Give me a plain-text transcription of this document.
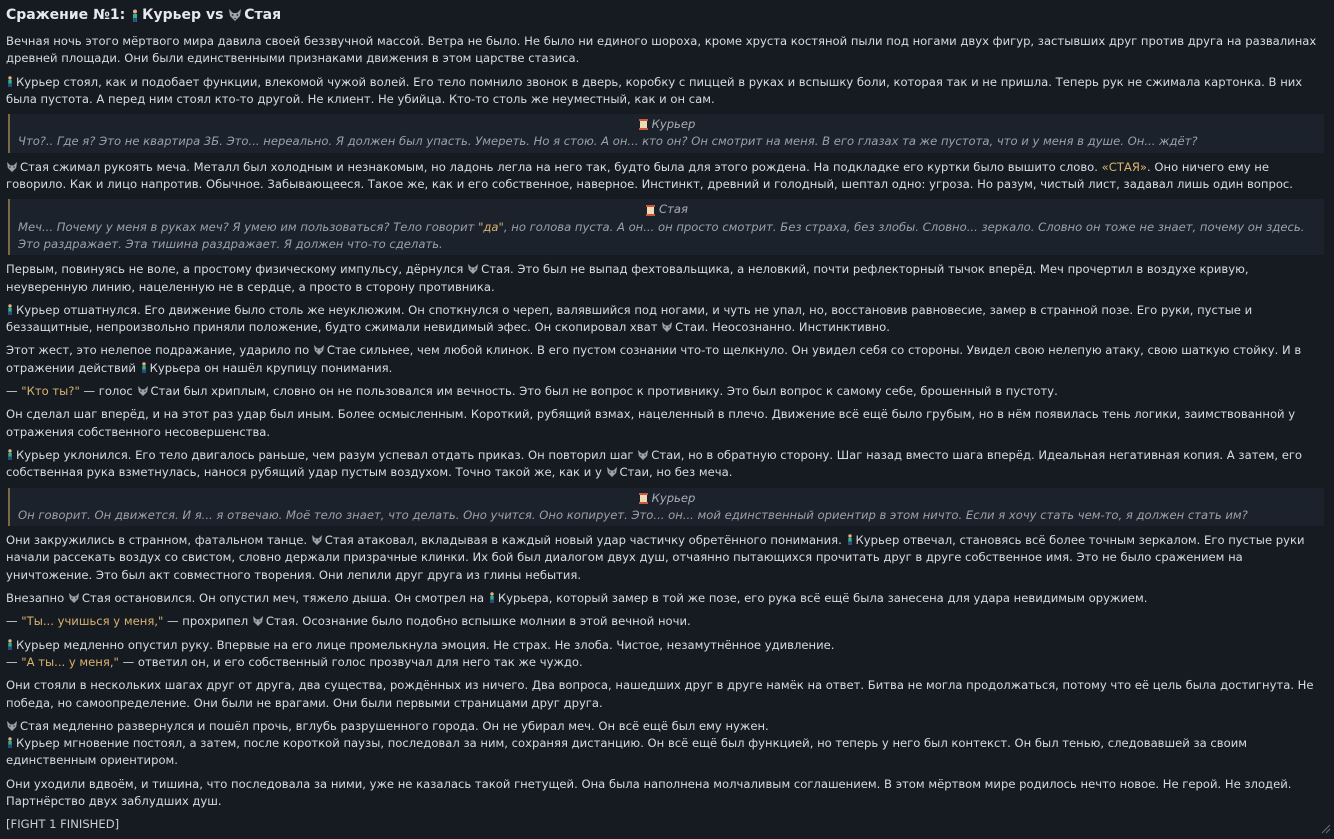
Сражение №1:
Курьер
vs
Стая
Вечная ночь этого мёртвого мира давила своей беззвучной массой. Ветра не было. Не было ни единого шороха, кроме хруста костяной пыли под ногами двух фигур, застывших друг против друга на развалинах древней площади. Они были единственными признаками движения в этом царстве стазиса.
Курьер стоял, как и подобает функции, влекомой чужой волей. Его тело помнило звонок в дверь, коробку с пиццей в руках и вспышку боли, которая так и не пришла. Теперь рук не сжимала картонка. В них была пустота. А перед ним стоял кто-то другой. Не клиент. Не убийца. Кто-то столь же неуместный, как и он сам.
Курьер
Что?.. Где я? Это не квартира 3Б. Это... нереально. Я должен был упасть. Умереть. Но я стою. А он... кто он? Он смотрит на меня. В его глазах та же пустота, что и у меня в душе. Он... ждёт?
Стая сжимал рукоять меча. Металл был холодным и незнакомым, но ладонь легла на него так, будто была для этого рождена. На подкладке его куртки было вышито слово. «СТАЯ». Оно ничего ему не говорило. Как и лицо напротив. Обычное. Забывающееся. Такое же, как и его собственное, наверное. Инстинкт, древний и голодный, шептал одно: угроза. Но разум, чистый лист, задавал лишь один вопрос.
Стая
Меч... Почему у меня в руках меч? Я умею им пользоваться? Тело говорит "да", но голова пуста. А он... он просто смотрит. Без страха, без злобы. Словно... зеркало. Словно он тоже не знает, почему он здесь. Это раздражает. Эта тишина раздражает. Я должен что-то сделать.
Первым, повинуясь не воле, а простому физическому импульсу, дёрнулся Стая. Это был не выпад фехтовальщика, а неловкий, почти рефлекторный тычок вперёд. Меч прочертил в воздухе кривую, неуверенную линию, нацеленную не в сердце, а просто в сторону противника.
Курьер отшатнулся. Его движение было столь же неуклюжим. Он споткнулся о череп, валявшийся под ногами, и чуть не упал, но, восстановив равновесие, замер в странной позе. Его руки, пустые и беззащитные, непроизвольно приняли положение, будто сжимали невидимый эфес. Он скопировал хват Стаи. Неосознанно. Инстинктивно.
Этот жест, это нелепое подражание, ударило по Стае сильнее, чем любой клинок. В его пустом сознании что-то щелкнуло. Он увидел себя со стороны. Увидел свою нелепую атаку, свою шаткую стойку. И в отражении действий Курьера он нашёл крупицу понимания.
— "Кто ты?" — голос Стаи был хриплым, словно он не пользовался им вечность. Это был не вопрос к противнику. Это был вопрос к самому себе, брошенный в пустоту.
Он сделал шаг вперёд, и на этот раз удар был иным. Более осмысленным. Короткий, рубящий взмах, нацеленный в плечо. Движение всё ещё было грубым, но в нём появилась тень логики, заимствованной у отражения собственного несовершенства.
Курьер уклонился. Его тело двигалось раньше, чем разум успевал отдать приказ. Он повторил шаг Стаи, но в обратную сторону. Шаг назад вместо шага вперёд. Идеальная негативная копия. А затем, его собственная рука взметнулась, нанося рубящий удар пустым воздухом. Точно такой же, как и у Стаи, но без меча.
Курьер
Он говорит. Он движется. И я... я отвечаю. Моё тело знает, что делать. Оно учится. Оно копирует. Это... он... мой единственный ориентир в этом ничто. Если я хочу стать чем-то, я должен стать им?
Они закружились в странном, фатальном танце. Стая атаковал, вкладывая в каждый новый удар частичку обретённого понимания. Курьер отвечал, становясь всё более точным зеркалом. Его пустые руки начали рассекать воздух со свистом, словно держали призрачные клинки. Их бой был диалогом двух душ, отчаянно пытающихся прочитать друг в друге собственное имя. Это не было сражением на уничтожение. Это был акт совместного творения. Они лепили друг друга из глины небытия.
Внезапно Стая остановился. Он опустил меч, тяжело дыша. Он смотрел на Курьера, который замер в той же позе, его рука всё ещё была занесена для удара невидимым оружием.
— "Ты... учишься у меня," — прохрипел Стая. Осознание было подобно вспышке молнии в этой вечной ночи.
Курьер медленно опустил руку. Впервые на его лице промелькнула эмоция. Не страх. Не злоба. Чистое, незамутнённое удивление.
— "А ты... у меня," — ответил он, и его собственный голос прозвучал для него так же чуждо.
Они стояли в нескольких шагах друг от друга, два существа, рождённых из ничего. Два вопроса, нашедших друг в друге намёк на ответ. Битва не могла продолжаться, потому что её цель была достигнута. Не победа, но самоопределение. Они были не врагами. Они были первыми страницами друг друга.
Стая медленно развернулся и пошёл прочь, вглубь разрушенного города. Он не убирал меч. Он всё ещё был ему нужен.
Курьер мгновение постоял, а затем, после короткой паузы, последовал за ним, сохраняя дистанцию. Он всё ещё был функцией, но теперь у него был контекст. Он был тенью, следовавшей за своим единственным ориентиром.
Они уходили вдвоём, и тишина, что последовала за ними, уже не казалась такой гнетущей. Она была наполнена молчаливым соглашением. В этом мёртвом мире родилось нечто новое. Не герой. Не злодей. Партнёрство двух заблудших душ.
[FIGHT 1 FINISHED]
